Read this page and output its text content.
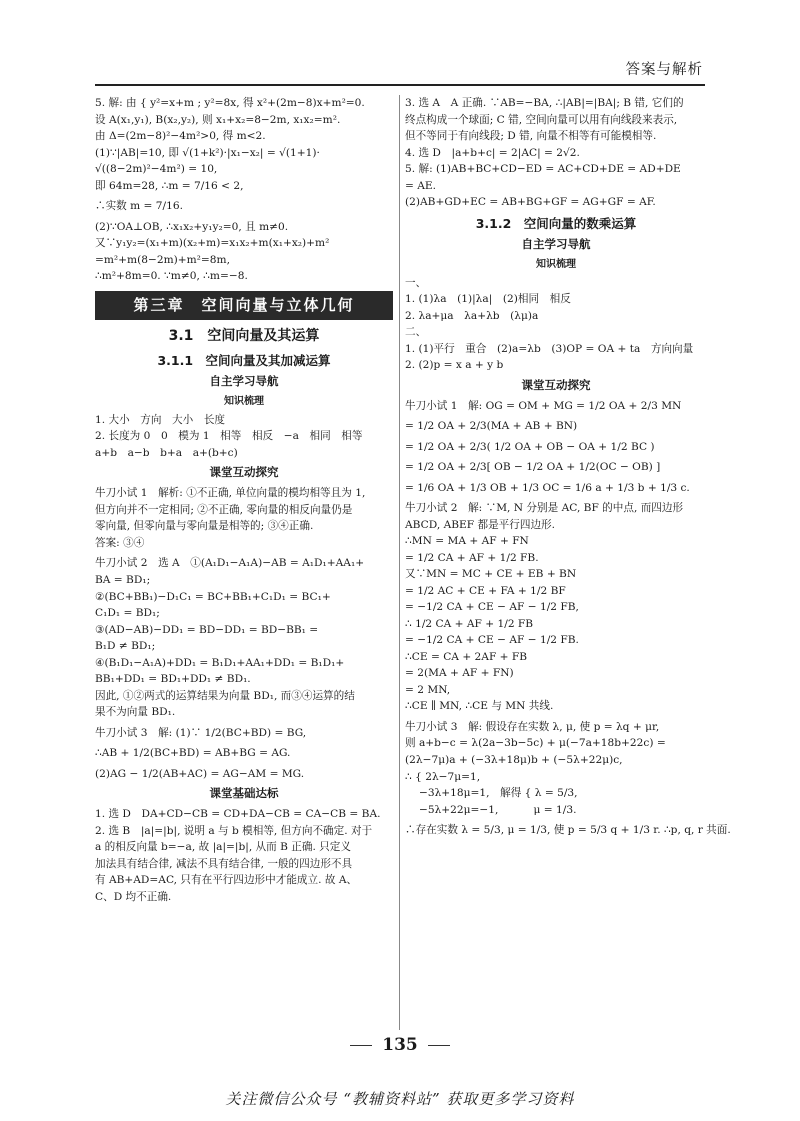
答案与解析
5. 解: 由 { y²=x+m ; y²=8x, 得 x²+(2m−8)x+m²=0.
设 A(x₁,y₁), B(x₂,y₂), 则 x₁+x₂=8−2m, x₁x₂=m².
由 Δ=(2m−8)²−4m²>0, 得 m<2.
(1)∵|AB|=10, 即 √(1+k²)·|x₁−x₂| = √(1+1)·
√((8−2m)²−4m²) = 10,
即 64m=28, ∴m = 7/16 < 2,
∴实数 m = 7/16.
(2)∵OA⊥OB, ∴x₁x₂+y₁y₂=0, 且 m≠0.
又∵y₁y₂=(x₁+m)(x₂+m)=x₁x₂+m(x₁+x₂)+m²
=m²+m(8−2m)+m²=8m,
∴m²+8m=0. ∵m≠0, ∴m=−8.
第三章　空间向量与立体几何
3.1　空间向量及其运算
3.1.1　空间向量及其加减运算
自主学习导航
知识梳理
1. 大小　方向　大小　长度
2. 长度为 0　0　模为 1　相等　相反　−a　相同　相等
a+b　a−b　b+a　a+(b+c)
课堂互动探究
牛刀小试 1　解析: ①不正确, 单位向量的模均相等且为 1,
但方向并不一定相同; ②不正确, 零向量的相反向量仍是
零向量, 但零向量与零向量是相等的; ③④正确.
答案: ③④
牛刀小试 2　选 A　①(A₁D₁−A₁A)−AB = A₁D₁+AA₁+
BA = BD₁;
②(BC+BB₁)−D₁C₁ = BC+BB₁+C₁D₁ = BC₁+
C₁D₁ = BD₁;
③(AD−AB)−DD₁ = BD−DD₁ = BD−BB₁ =
B₁D ≠ BD₁;
④(B₁D₁−A₁A)+DD₁ = B₁D₁+AA₁+DD₁ = B₁D₁+
BB₁+DD₁ = BD₁+DD₁ ≠ BD₁.
因此, ①②两式的运算结果为向量 BD₁, 而③④运算的结
果不为向量 BD₁.
牛刀小试 3　解: (1)∵ 1/2(BC+BD) = BG,
∴AB + 1/2(BC+BD) = AB+BG = AG.
(2)AG − 1/2(AB+AC) = AG−AM = MG.
课堂基础达标
1. 选 D　DA+CD−CB = CD+DA−CB = CA−CB = BA.
2. 选 B　|a|=|b|, 说明 a 与 b 模相等, 但方向不确定. 对于
a 的相反向量 b=−a, 故 |a|=|b|, 从而 B 正确. 只定义
加法具有结合律, 减法不具有结合律, 一般的四边形不具
有 AB+AD=AC, 只有在平行四边形中才能成立. 故 A、
C、D 均不正确.
3. 选 A　A 正确. ∵AB=−BA, ∴|AB|=|BA|; B 错, 它们的
终点构成一个球面; C 错, 空间向量可以用有向线段来表示,
但不等同于有向线段; D 错, 向量不相等有可能模相等.
4. 选 D　|a+b+c| = 2|AC| = 2√2.
5. 解: (1)AB+BC+CD−ED = AC+CD+DE = AD+DE
= AE.
(2)AB+GD+EC = AB+BG+GF = AG+GF = AF.
3.1.2　空间向量的数乘运算
自主学习导航
知识梳理
一、
1. (1)λa　(1)|λa|　(2)相同　相反
2. λa+μa　λa+λb　(λμ)a
二、
1. (1)平行　重合　(2)a=λb　(3)OP = OA + ta　方向向量
2. (2)p = x a + y b
课堂互动探究
牛刀小试 1　解: OG = OM + MG = 1/2 OA + 2/3 MN
= 1/2 OA + 2/3(MA + AB + BN)
= 1/2 OA + 2/3( 1/2 OA + OB − OA + 1/2 BC )
= 1/2 OA + 2/3[ OB − 1/2 OA + 1/2(OC − OB) ]
= 1/6 OA + 1/3 OB + 1/3 OC = 1/6 a + 1/3 b + 1/3 c.
牛刀小试 2　解: ∵M, N 分别是 AC, BF 的中点, 而四边形
ABCD, ABEF 都是平行四边形.
∴MN = MA + AF + FN
= 1/2 CA + AF + 1/2 FB.
又∵MN = MC + CE + EB + BN
= 1/2 AC + CE + FA + 1/2 BF
= −1/2 CA + CE − AF − 1/2 FB,
∴ 1/2 CA + AF + 1/2 FB
= −1/2 CA + CE − AF − 1/2 FB.
∴CE = CA + 2AF + FB
= 2(MA + AF + FN)
= 2 MN,
∴CE ∥ MN, ∴CE 与 MN 共线.
牛刀小试 3　解: 假设存在实数 λ, μ, 使 p = λq + μr,
则 a+b−c = λ(2a−3b−5c) + μ(−7a+18b+22c) =
(2λ−7μ)a + (−3λ+18μ)b + (−5λ+22μ)c,
∴ { 2λ−7μ=1,
　 −3λ+18μ=1,　解得 { λ = 5/3,
　 −5λ+22μ=−1,　　　 μ = 1/3.
∴存在实数 λ = 5/3, μ = 1/3, 使 p = 5/3 q + 1/3 r. ∴p, q, r 共面.
135
关注微信公众号 “教辅资料站” 获取更多学习资料
